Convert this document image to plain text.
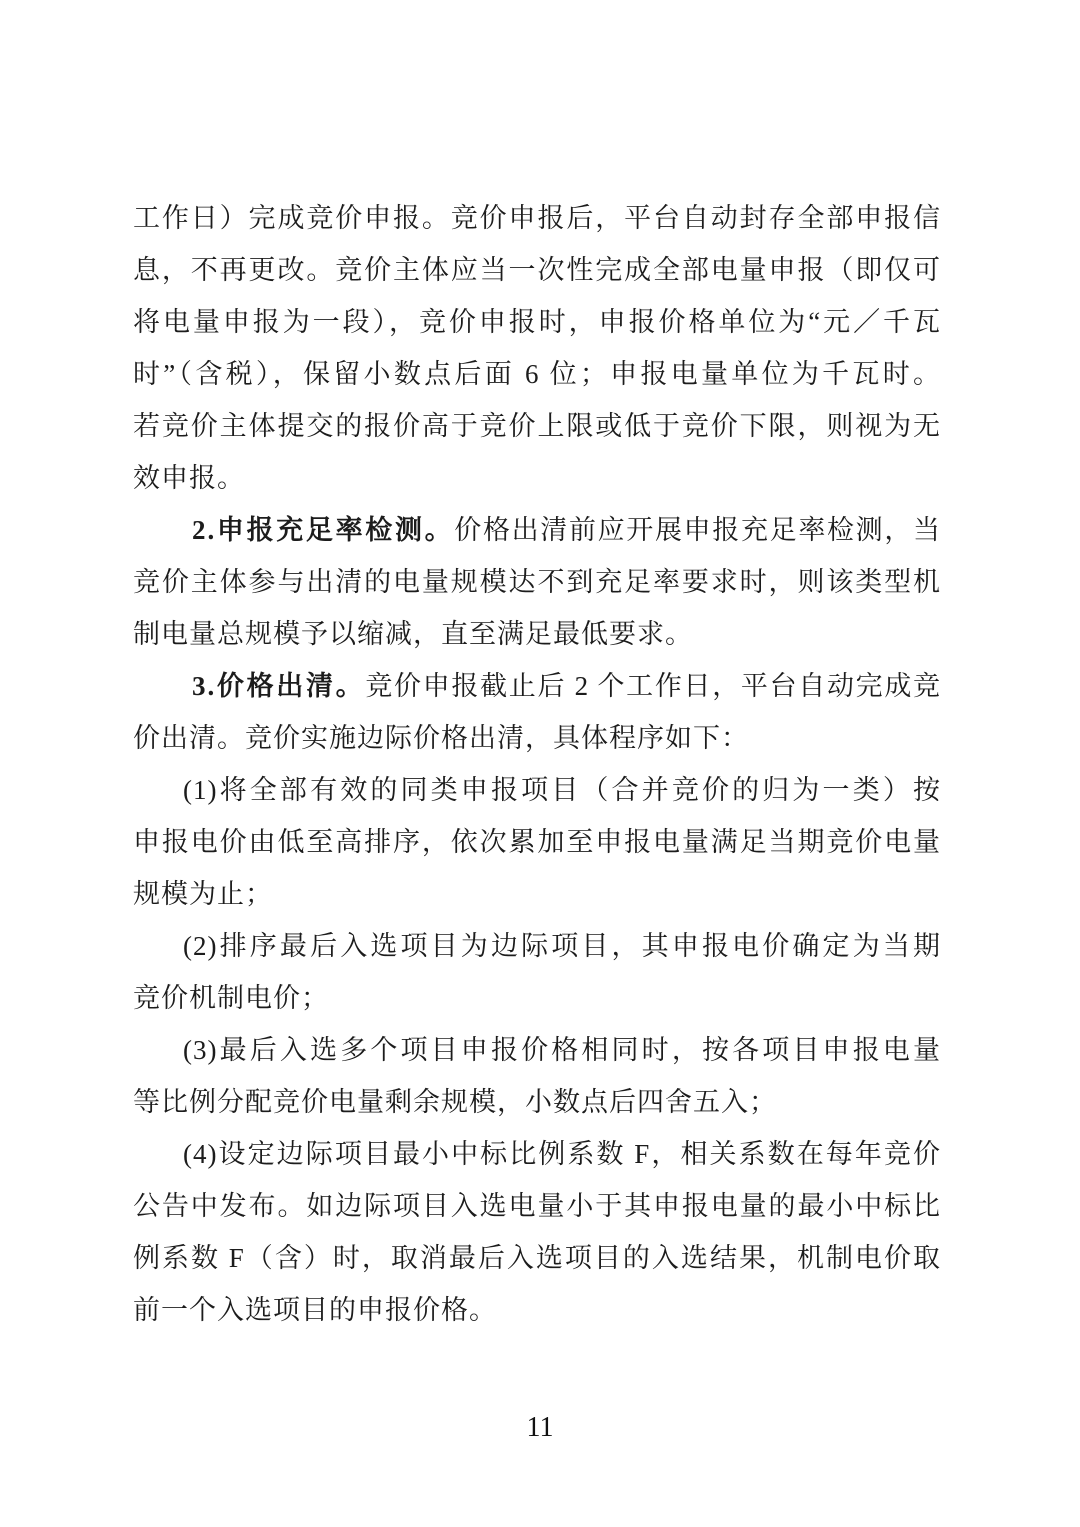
工作日）完成竞价申报。竞价申报后，平台自动封存全部申报信
息，不再更改。竞价主体应当一次性完成全部电量申报（即仅可
将电量申报为一段），竞价申报时，申报价格单位为“元／千瓦
时”（含税），保留小数点后面 6 位；申报电量单位为千瓦时。
若竞价主体提交的报价高于竞价上限或低于竞价下限，则视为无
效申报。
2.申报充足率检测。价格出清前应开展申报充足率检测，当
竞价主体参与出清的电量规模达不到充足率要求时，则该类型机
制电量总规模予以缩减，直至满足最低要求。
3.价格出清。竞价申报截止后 2 个工作日，平台自动完成竞
价出清。竞价实施边际价格出清，具体程序如下：
(1)将全部有效的同类申报项目（合并竞价的归为一类）按
申报电价由低至高排序，依次累加至申报电量满足当期竞价电量
规模为止；
(2)排序最后入选项目为边际项目，其申报电价确定为当期
竞价机制电价；
(3)最后入选多个项目申报价格相同时，按各项目申报电量
等比例分配竞价电量剩余规模，小数点后四舍五入；
(4)设定边际项目最小中标比例系数 F，相关系数在每年竞价
公告中发布。如边际项目入选电量小于其申报电量的最小中标比
例系数 F（含）时，取消最后入选项目的入选结果，机制电价取
前一个入选项目的申报价格。
11
